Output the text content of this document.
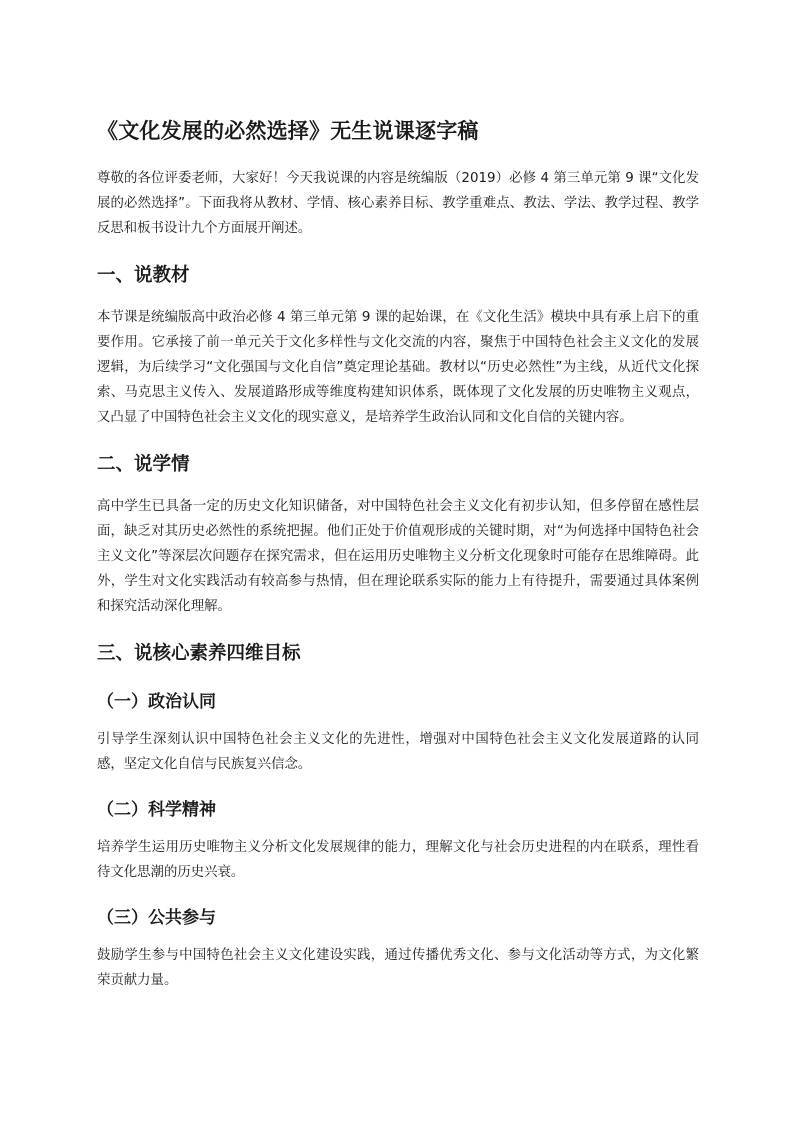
《文化发展的必然选择》无生说课逐字稿

尊敬的各位评委老师，大家好！今天我说课的内容是统编版（2019）必修 4 第三单元第 9 课“文化发展的必然选择”。下面我将从教材、学情、核心素养目标、教学重难点、教法、学法、教学过程、教学反思和板书设计九个方面展开阐述。

一、说教材

本节课是统编版高中政治必修 4 第三单元第 9 课的起始课，在《文化生活》模块中具有承上启下的重要作用。它承接了前一单元关于文化多样性与文化交流的内容，聚焦于中国特色社会主义文化的发展逻辑，为后续学习“文化强国与文化自信”奠定理论基础。教材以“历史必然性”为主线，从近代文化探索、马克思主义传入、发展道路形成等维度构建知识体系，既体现了文化发展的历史唯物主义观点，又凸显了中国特色社会主义文化的现实意义，是培养学生政治认同和文化自信的关键内容。

二、说学情

高中学生已具备一定的历史文化知识储备，对中国特色社会主义文化有初步认知，但多停留在感性层面，缺乏对其历史必然性的系统把握。他们正处于价值观形成的关键时期，对“为何选择中国特色社会主义文化”等深层次问题存在探究需求，但在运用历史唯物主义分析文化现象时可能存在思维障碍。此外，学生对文化实践活动有较高参与热情，但在理论联系实际的能力上有待提升，需要通过具体案例和探究活动深化理解。

三、说核心素养四维目标
（一）政治认同

引导学生深刻认识中国特色社会主义文化的先进性，增强对中国特色社会主义文化发展道路的认同感，坚定文化自信与民族复兴信念。

（二）科学精神

培养学生运用历史唯物主义分析文化发展规律的能力，理解文化与社会历史进程的内在联系，理性看待文化思潮的历史兴衰。

（三）公共参与

鼓励学生参与中国特色社会主义文化建设实践，通过传播优秀文化、参与文化活动等方式，为文化繁荣贡献力量。
